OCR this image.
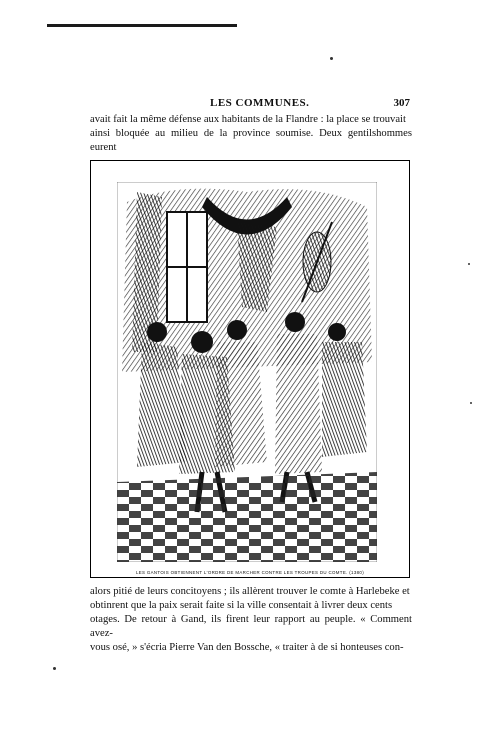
LES COMMUNES.	307

avait fait la même défense aux habitants de la Flandre : la place se trouvait

ainsi bloquée au milieu de la province soumise. Deux gentilshommes eurent

LES GANTOIS OBTIENNENT L'ORDRE DE MARCHER CONTRE LES TROUPES DU COMTE. (1380)

alors pitié de leurs concitoyens ; ils allèrent trouver le comte à Harlebeke et

obtinrent que la paix serait faite si la ville consentait à livrer deux cents

otages. De retour à Gand, ils firent leur rapport au peuple. « Comment avez-

vous osé, » s'écria Pierre Van den Bossche, « traiter à de si honteuses con-
